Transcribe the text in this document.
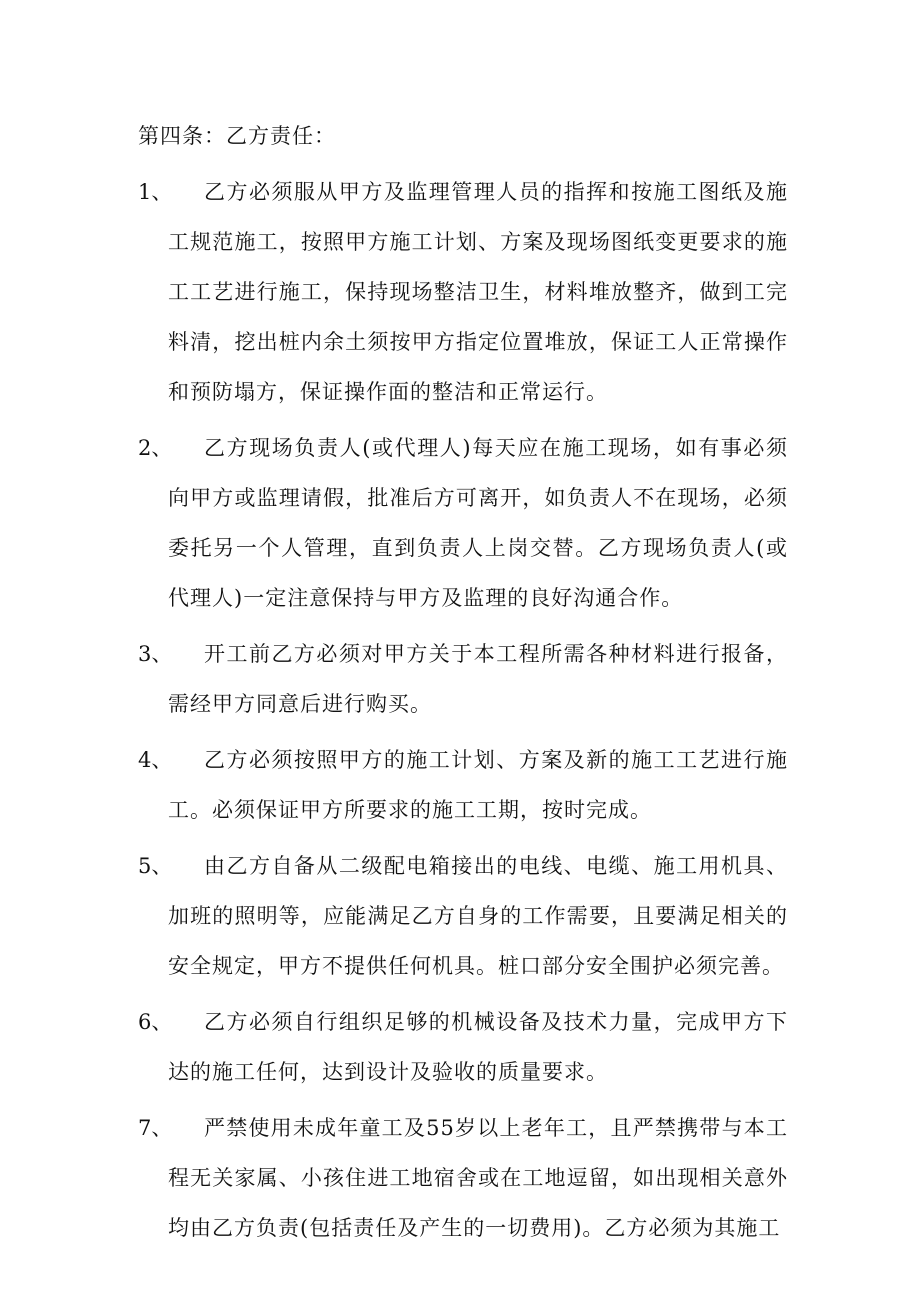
第四条：乙方责任：
1、	乙方必须服从甲方及监理管理人员的指挥和按施工图纸及施工规范施工，按照甲方施工计划、方案及现场图纸变更要求的施工工艺进行施工，保持现场整洁卫生，材料堆放整齐，做到工完料清，挖出桩内余土须按甲方指定位置堆放，保证工人正常操作和预防塌方，保证操作面的整洁和正常运行。
2、	乙方现场负责人(或代理人)每天应在施工现场，如有事必须向甲方或监理请假，批准后方可离开，如负责人不在现场，必须委托另一个人管理，直到负责人上岗交替。乙方现场负责人(或代理人)一定注意保持与甲方及监理的良好沟通合作。
3、	开工前乙方必须对甲方关于本工程所需各种材料进行报备，需经甲方同意后进行购买。
4、	乙方必须按照甲方的施工计划、方案及新的施工工艺进行施工。必须保证甲方所要求的施工工期，按时完成。
5、	由乙方自备从二级配电箱接出的电线、电缆、施工用机具、加班的照明等，应能满足乙方自身的工作需要，且要满足相关的安全规定，甲方不提供任何机具。桩口部分安全围护必须完善。
6、	乙方必须自行组织足够的机械设备及技术力量，完成甲方下达的施工任何，达到设计及验收的质量要求。
7、	严禁使用未成年童工及55岁以上老年工，且严禁携带与本工程无关家属、小孩住进工地宿舍或在工地逗留，如出现相关意外均由乙方负责(包括责任及产生的一切费用)。乙方必须为其施工
